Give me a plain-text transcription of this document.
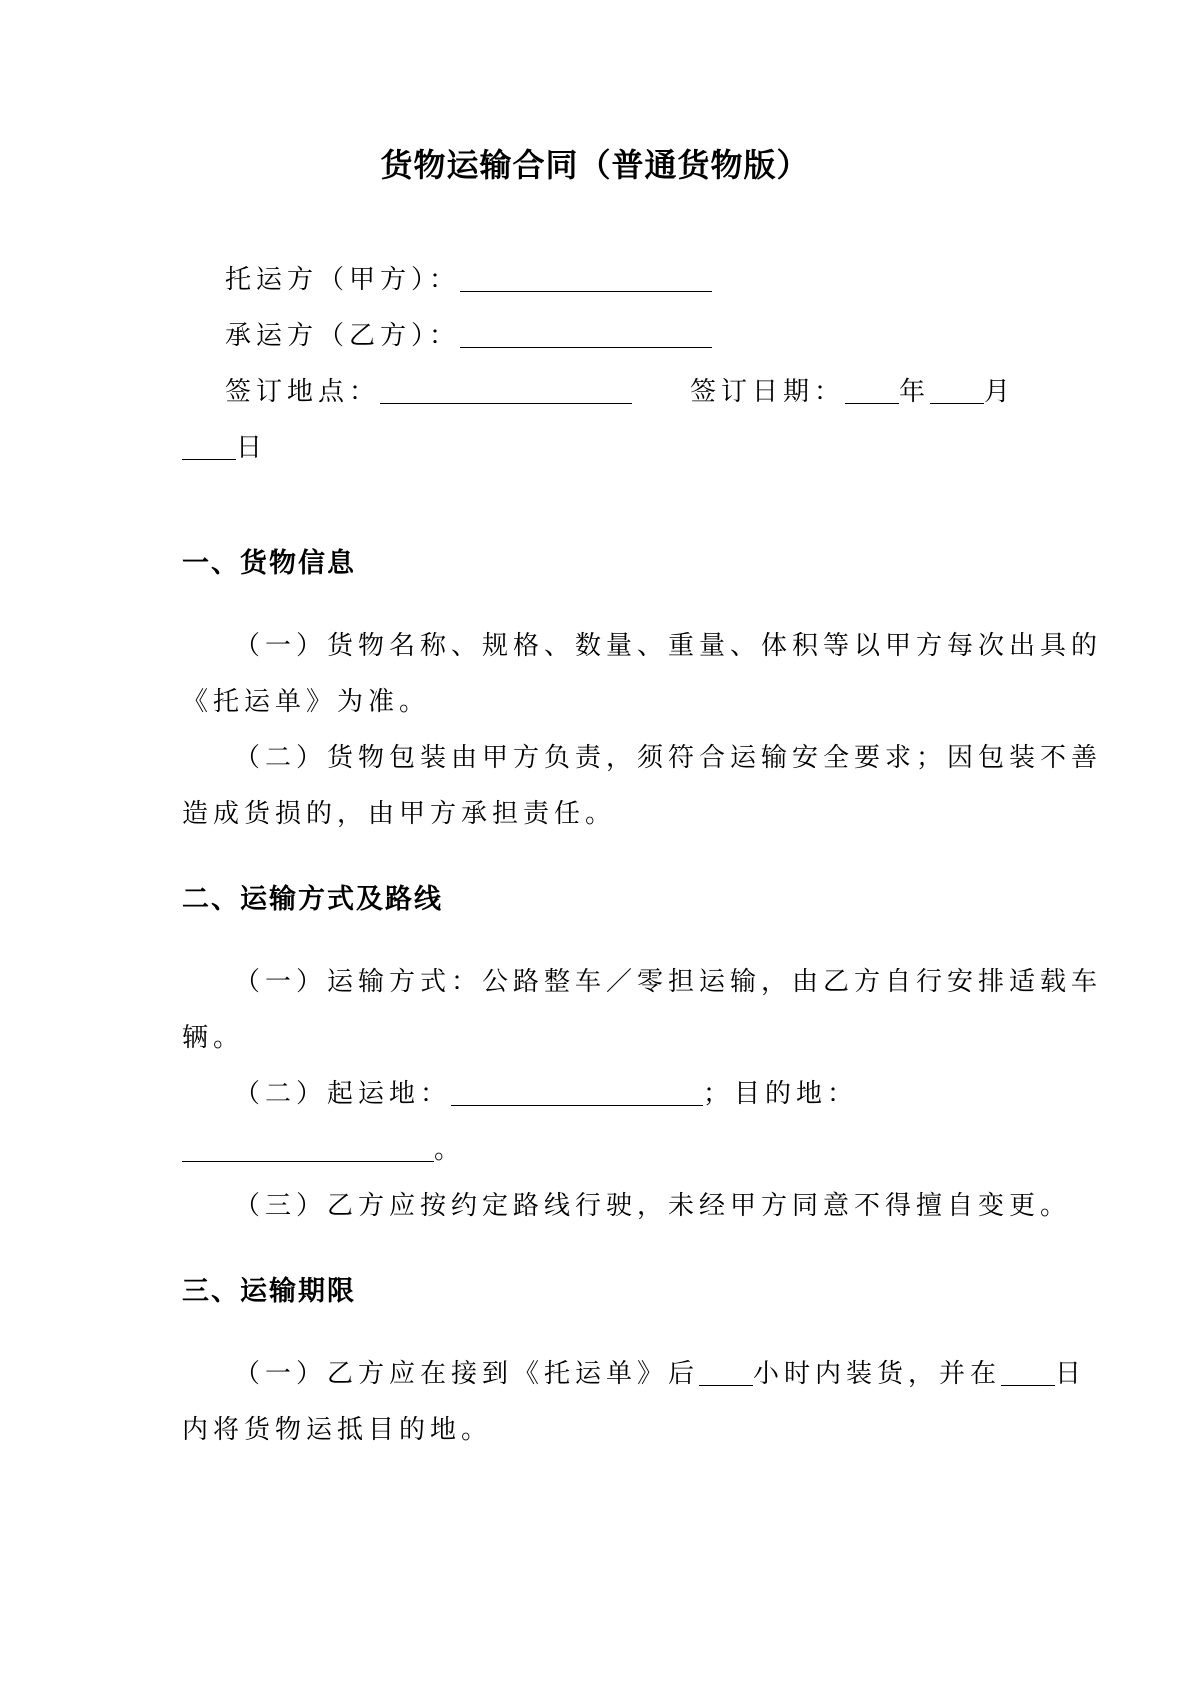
货物运输合同（普通货物版）
托运方（甲方）：
承运方（乙方）：
签订地点：	签订日期： 年 月
日
一、货物信息
（一）货物名称、规格、数量、重量、体积等以甲方每次出具的
《托运单》为准。
（二）货物包装由甲方负责，须符合运输安全要求；因包装不善
造成货损的，由甲方承担责任。
二、运输方式及路线
（一）运输方式：公路整车／零担运输，由乙方自行安排适载车
辆。
（二）起运地：	；目的地：
。
（三）乙方应按约定路线行驶，未经甲方同意不得擅自变更。
三、运输期限
（一）乙方应在接到《托运单》后 小时内装货，并在 日
内将货物运抵目的地。
